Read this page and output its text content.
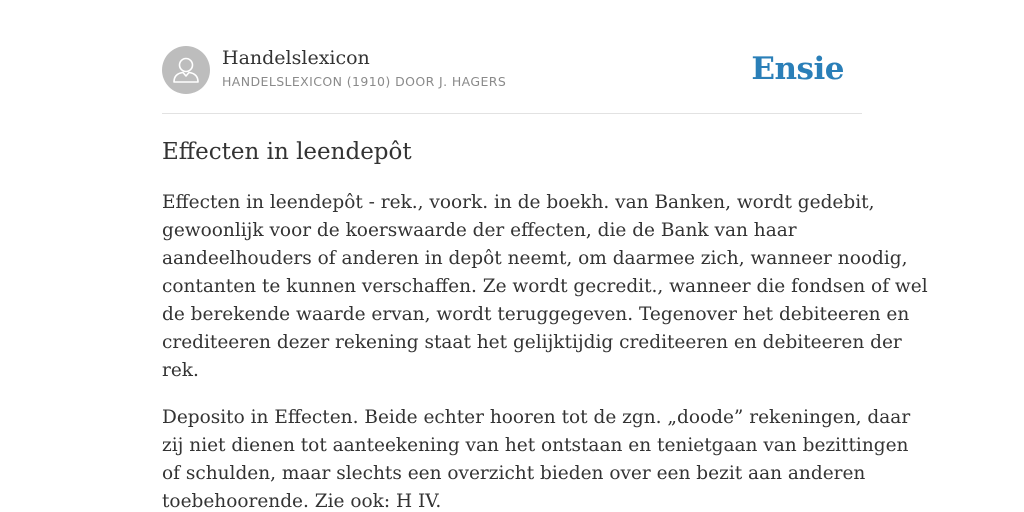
Handelslexicon
HANDELSLEXICON (1910) DOOR J. HAGERS	Ensie
Effecten in leendepôt

Effecten in leendepôt - rek., voork. in de boekh. van Banken, wordt gedebit,
gewoonlijk voor de koerswaarde der effecten, die de Bank van haar
aandeelhouders of anderen in depôt neemt, om daarmee zich, wanneer noodig,
contanten te kunnen verschaffen. Ze wordt gecredit., wanneer die fondsen of wel
de berekende waarde ervan, wordt teruggegeven. Tegenover het debiteeren en
crediteeren dezer rekening staat het gelijktijdig crediteeren en debiteeren der
rek.

Deposito in Effecten. Beide echter hooren tot de zgn. „doode” rekeningen, daar
zij niet dienen tot aanteekening van het ontstaan en tenietgaan van bezittingen
of schulden, maar slechts een overzicht bieden over een bezit aan anderen
toebehoorende. Zie ook: H IV.
